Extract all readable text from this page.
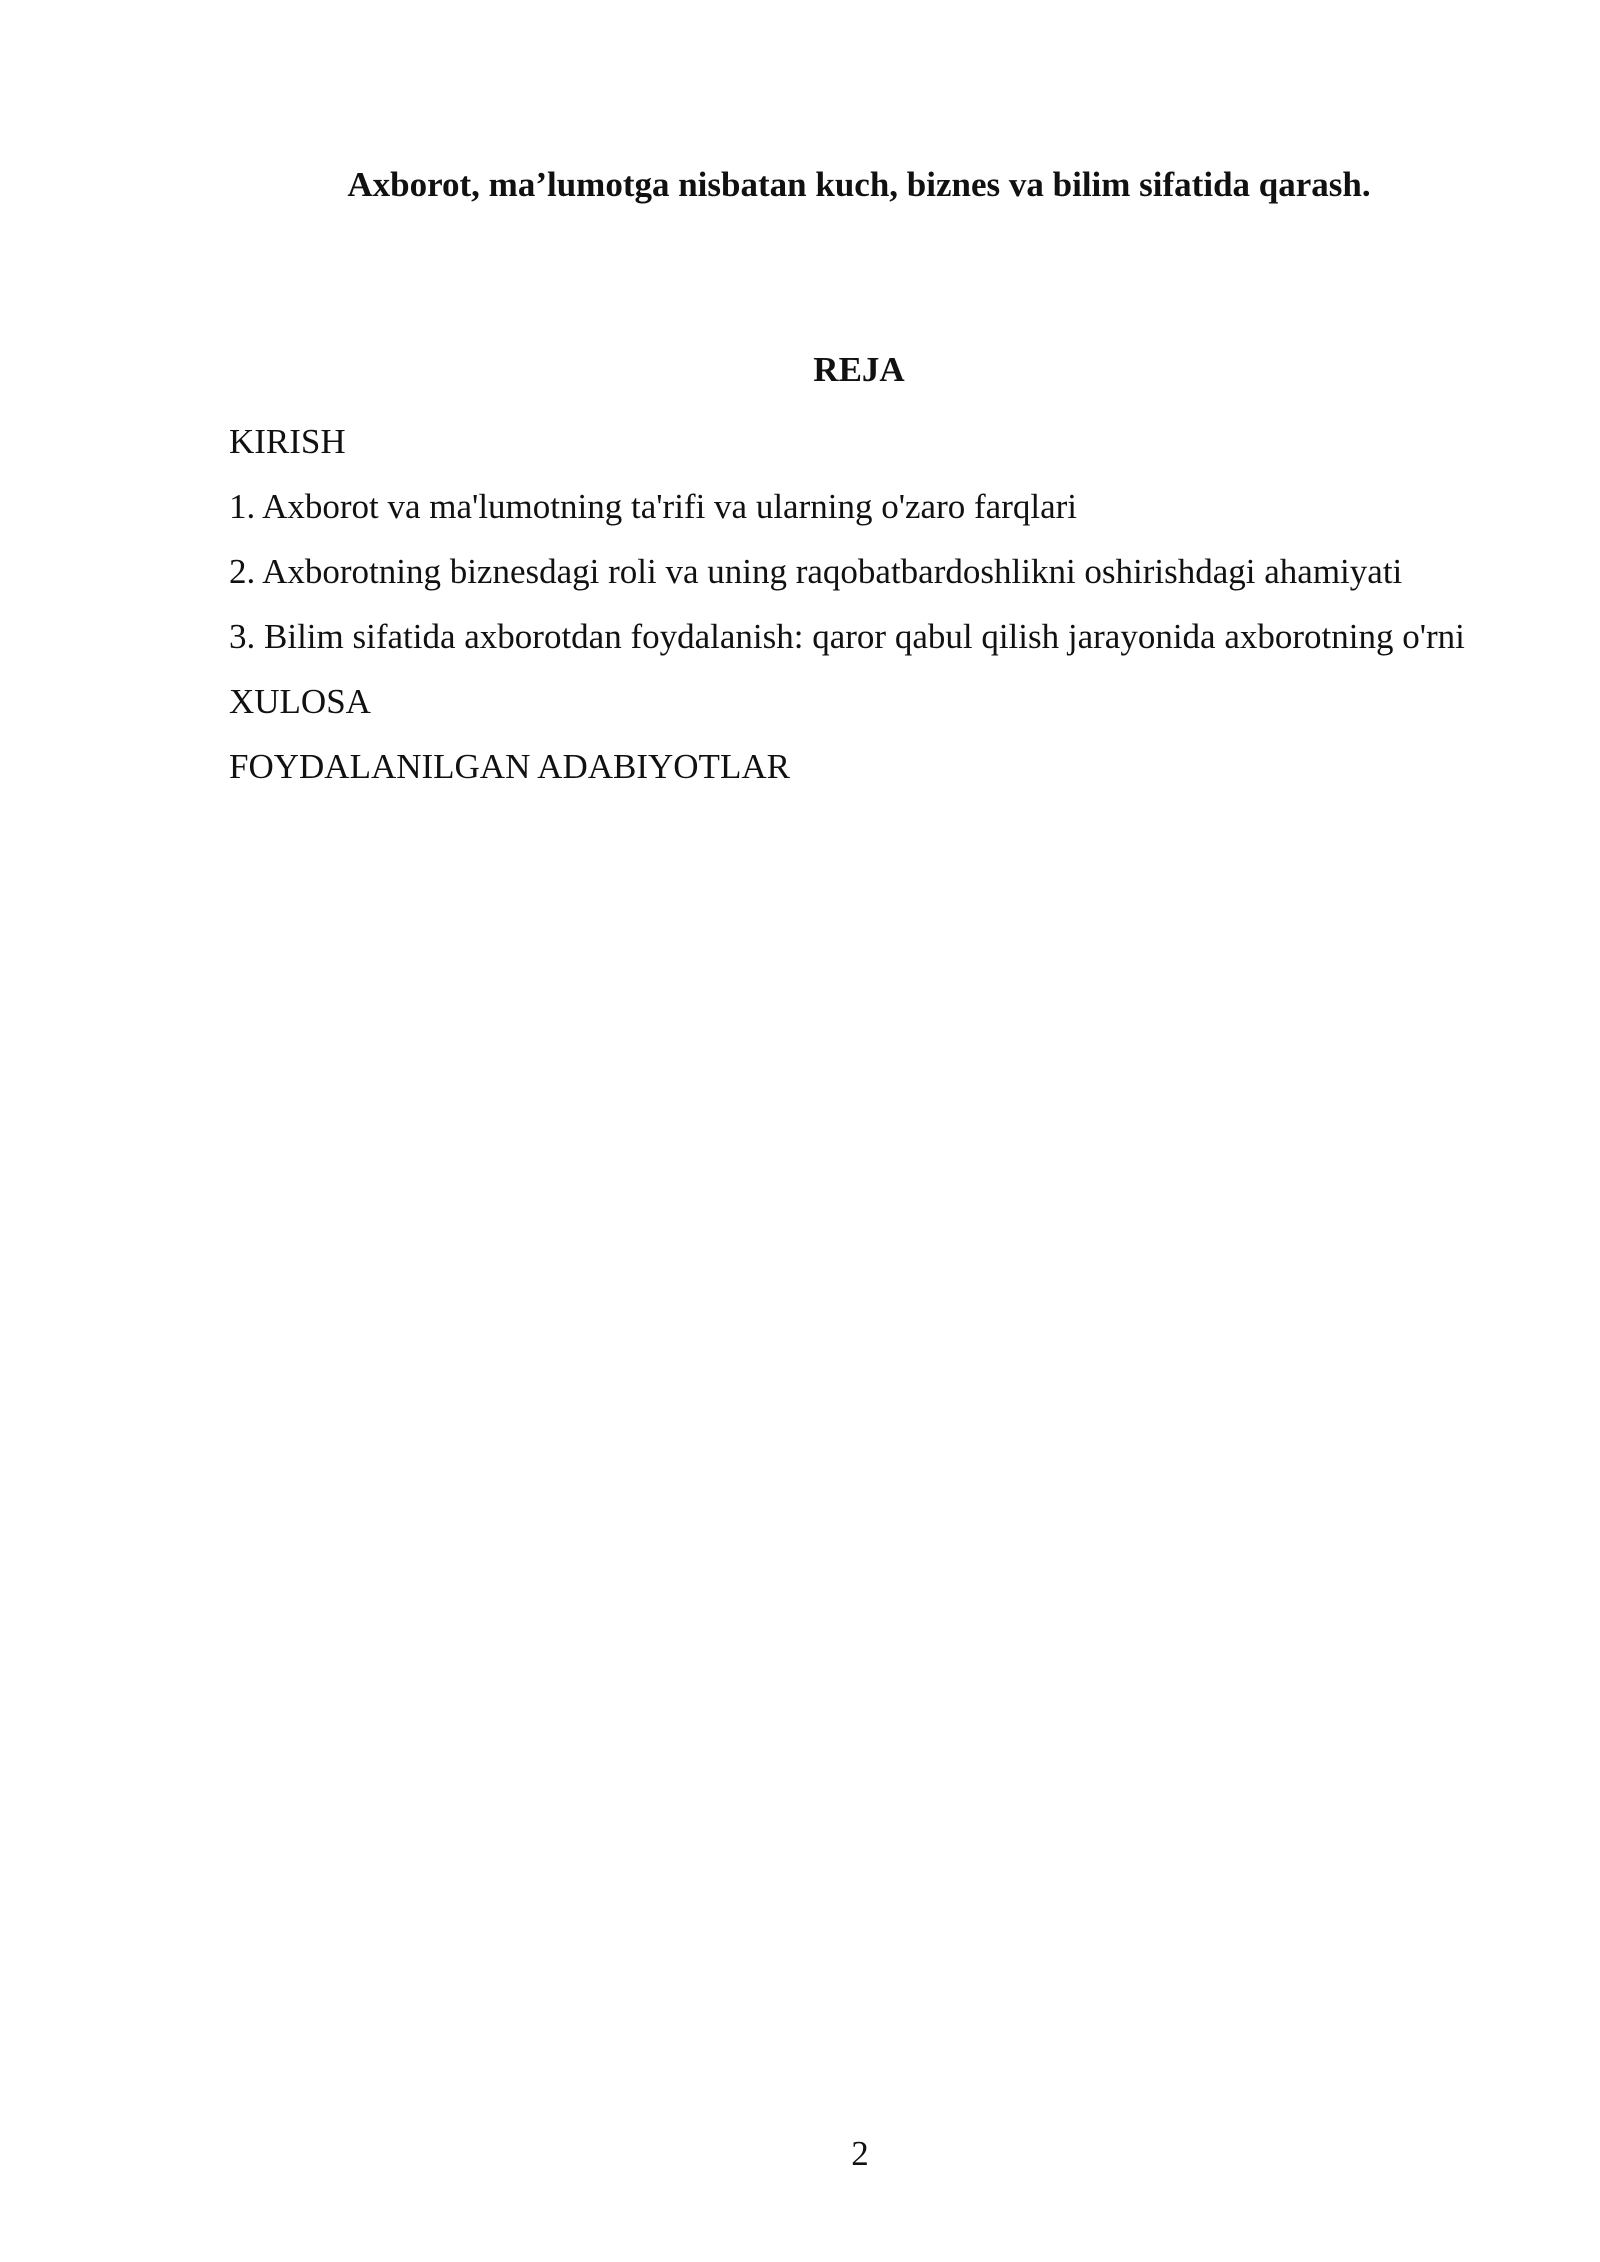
Axborot, ma’lumotga nisbatan kuch, biznes va bilim sifatida qarash.
REJA
KIRISH
1. Axborot va ma'lumotning ta'rifi va ularning o'zaro farqlari
2. Axborotning biznesdagi roli va uning raqobatbardoshlikni oshirishdagi ahamiyati
3. Bilim sifatida axborotdan foydalanish: qaror qabul qilish jarayonida axborotning o'rni
XULOSA
FOYDALANILGAN ADABIYOTLAR

2
